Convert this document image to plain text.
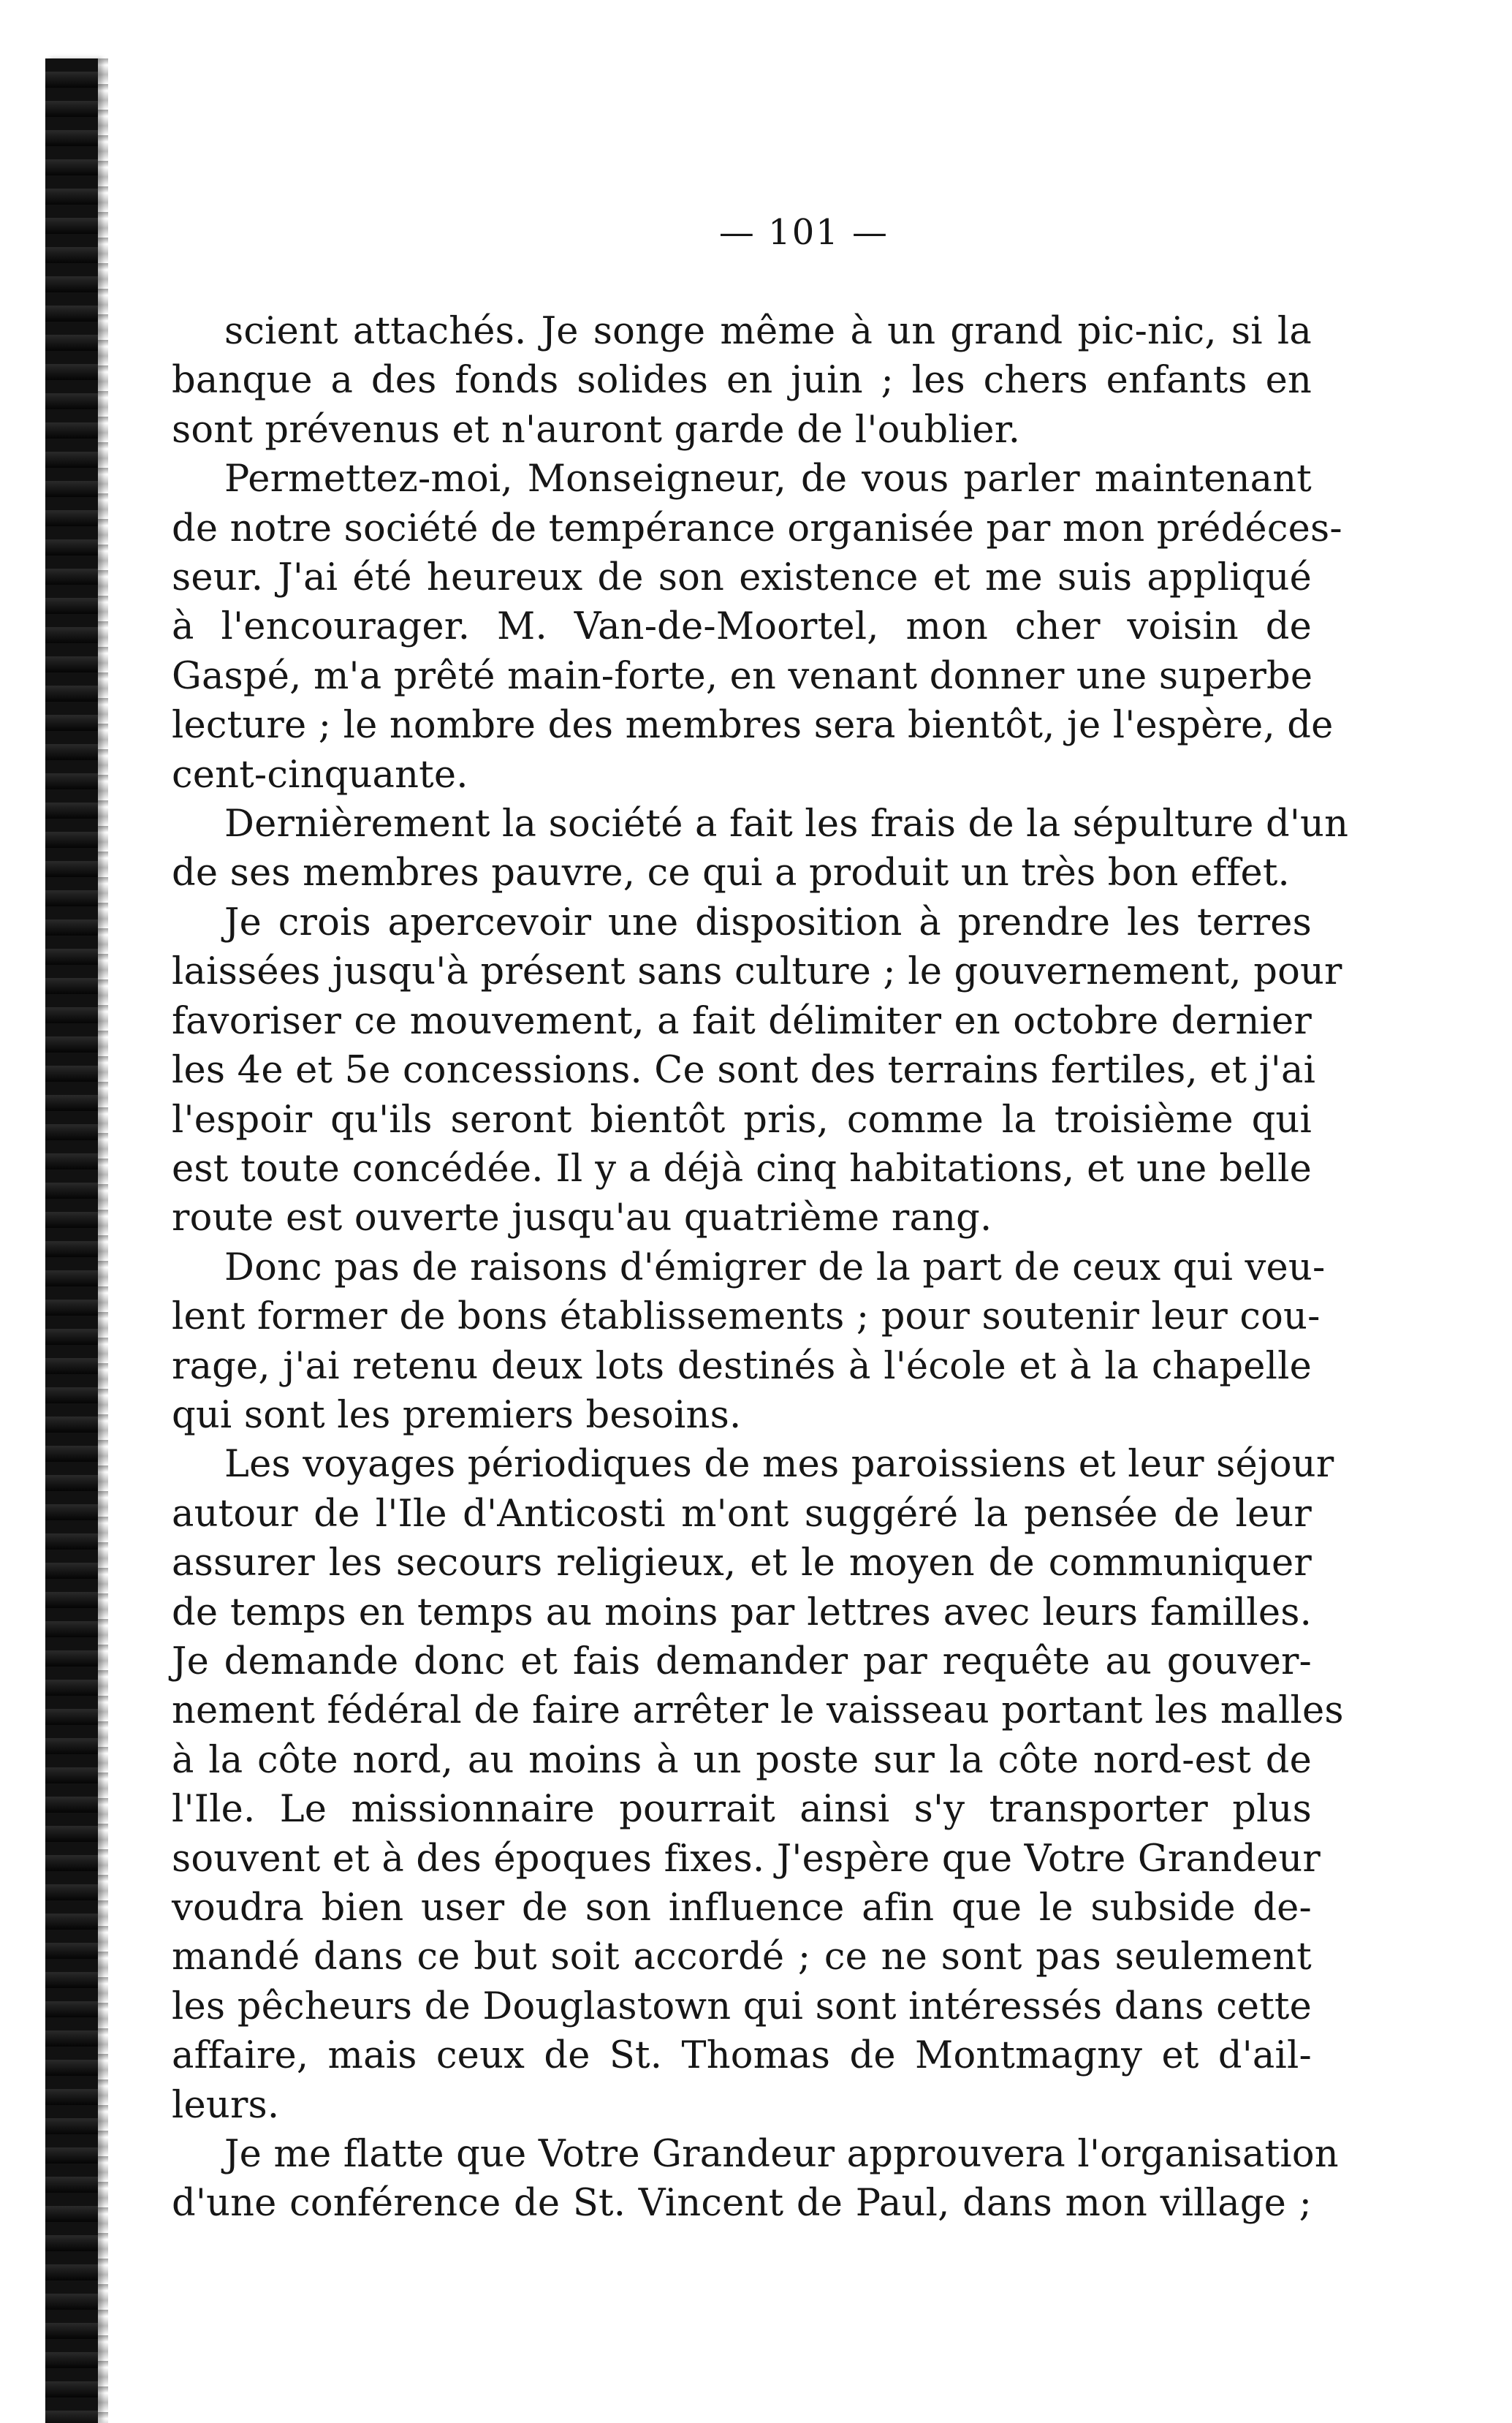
— 101 —

scient attachés. Je songe même à un grand pic-nic, si la
banque a des fonds solides en juin ; les chers enfants en
sont prévenus et n'auront garde de l'oublier.

Permettez-moi, Monseigneur, de vous parler maintenant
de notre société de tempérance organisée par mon prédéces-
seur. J'ai été heureux de son existence et me suis appliqué
à l'encourager. M. Van-de-Moortel, mon cher voisin de
Gaspé, m'a prêté main-forte, en venant donner une superbe
lecture ; le nombre des membres sera bientôt, je l'espère, de
cent-cinquante.

Dernièrement la société a fait les frais de la sépulture d'un
de ses membres pauvre, ce qui a produit un très bon effet.

Je crois apercevoir une disposition à prendre les terres
laissées jusqu'à présent sans culture ; le gouvernement, pour
favoriser ce mouvement, a fait délimiter en octobre dernier
les 4e et 5e concessions. Ce sont des terrains fertiles, et j'ai
l'espoir qu'ils seront bientôt pris, comme la troisième qui
est toute concédée. Il y a déjà cinq habitations, et une belle
route est ouverte jusqu'au quatrième rang.

Donc pas de raisons d'émigrer de la part de ceux qui veu-
lent former de bons établissements ; pour soutenir leur cou-
rage, j'ai retenu deux lots destinés à l'école et à la chapelle
qui sont les premiers besoins.

Les voyages périodiques de mes paroissiens et leur séjour
autour de l'Ile d'Anticosti m'ont suggéré la pensée de leur
assurer les secours religieux, et le moyen de communiquer
de temps en temps au moins par lettres avec leurs familles.
Je demande donc et fais demander par requête au gouver-
nement fédéral de faire arrêter le vaisseau portant les malles
à la côte nord, au moins à un poste sur la côte nord-est de
l'Ile. Le missionnaire pourrait ainsi s'y transporter plus
souvent et à des époques fixes. J'espère que Votre Grandeur
voudra bien user de son influence afin que le subside de-
mandé dans ce but soit accordé ; ce ne sont pas seulement
les pêcheurs de Douglastown qui sont intéressés dans cette
affaire, mais ceux de St. Thomas de Montmagny et d'ail-
leurs.

Je me flatte que Votre Grandeur approuvera l'organisation
d'une conférence de St. Vincent de Paul, dans mon village ;
